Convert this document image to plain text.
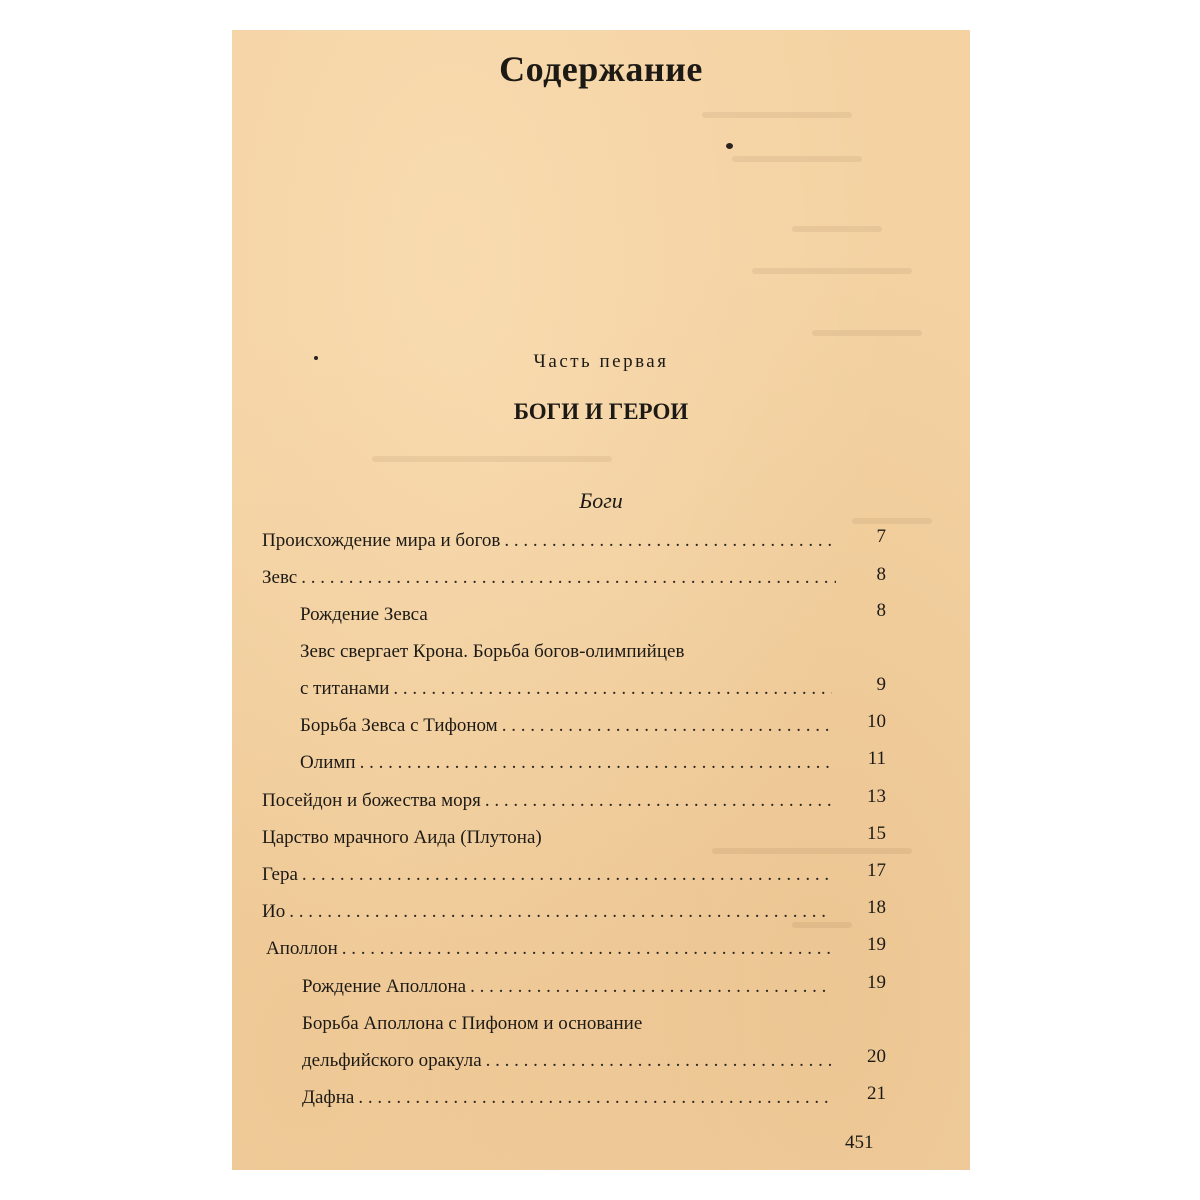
Содержание
Часть первая
БОГИ И ГЕРОИ
Боги
Происхождение мира и богов . . .	7
Зевс . . .	8
Рождение Зевса	8
Зевс свергает Крона. Борьба богов-олимпийцев
с титанами . . .	9
Борьба Зевса с Тифоном . . .	10
Олимп . . .	11
Посейдон и божества моря . . .	13
Царство мрачного Аида (Плутона)	15
Гера . . .	17
Ио . . .	18
Аполлон . . .	19
Рождение Аполлона . . .	19
Борьба Аполлона с Пифоном и основание
дельфийского оракула . . .	20
Дафна . . .	21
451
